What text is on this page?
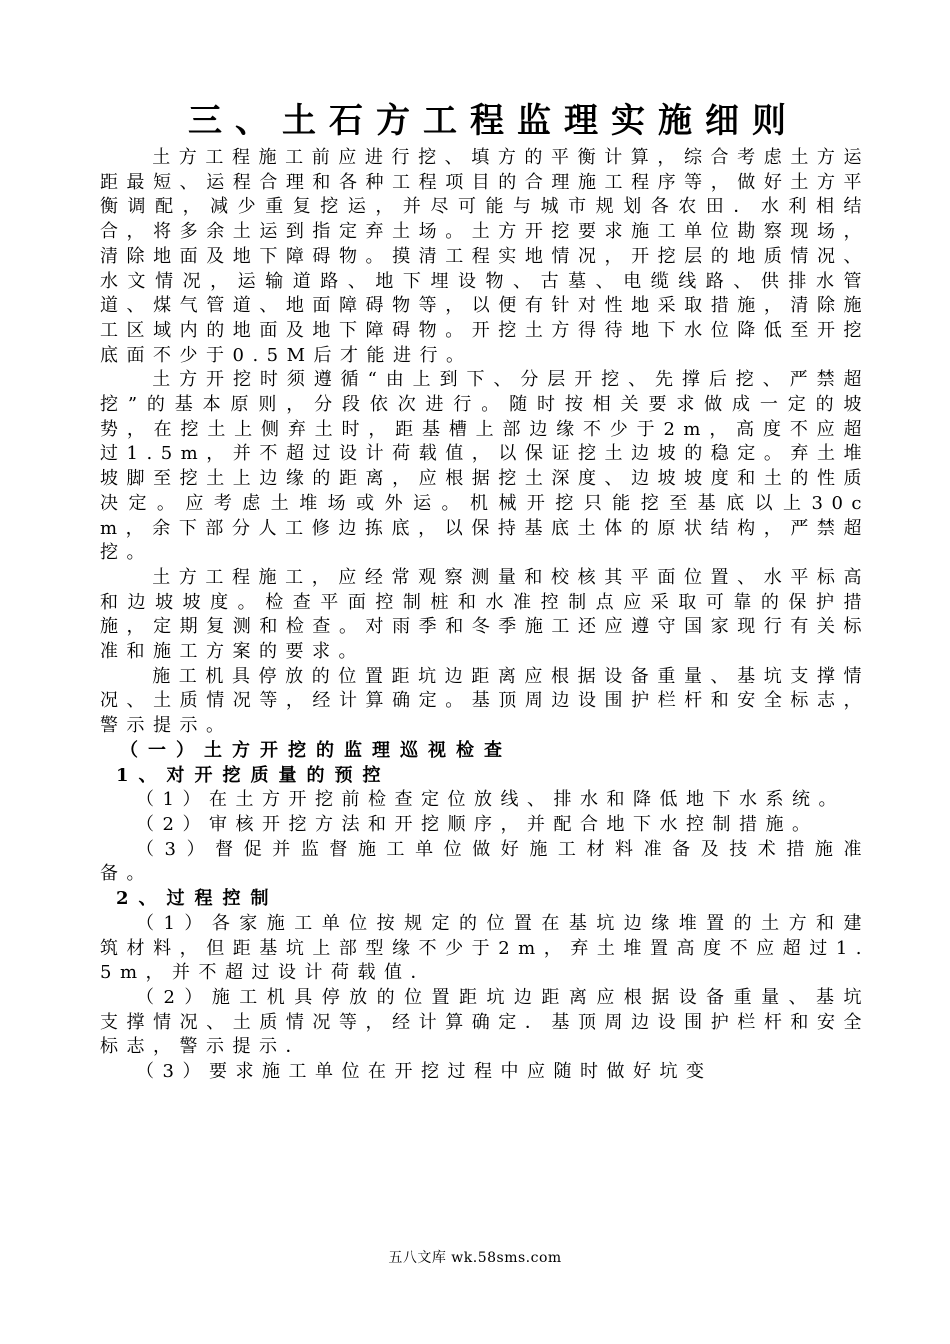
三、土石方工程监理实施细则

土方工程施工前应进行挖、填方的平衡计算，综合考虑土方运距最短、运程合理和各种工程项目的合理施工程序等，做好土方平衡调配，减少重复挖运，并尽可能与城市规划各农田．水利相结合，将多余土运到指定弃土场。土方开挖要求施工单位勘察现场，清除地面及地下障碍物。摸清工程实地情况，开挖层的地质情况、水文情况，运输道路、地下埋设物、古墓、电缆线路、供排水管道、煤气管道、地面障碍物等，以便有针对性地采取措施，清除施工区域内的地面及地下障碍物。开挖土方得待地下水位降低至开挖底面不少于0.5M后才能进行。

土方开挖时须遵循“由上到下、分层开挖、先撑后挖、严禁超挖”的基本原则，分段依次进行。随时按相关要求做成一定的坡势，在挖土上侧弃土时，距基槽上部边缘不少于2m，高度不应超过1.5m，并不超过设计荷载值，以保证挖土边坡的稳定。弃土堆坡脚至挖土上边缘的距离，应根据挖土深度、边坡坡度和土的性质决定。应考虑土堆场或外运。机械开挖只能挖至基底以上30cm，余下部分人工修边拣底，以保持基底土体的原状结构，严禁超挖。

土方工程施工，应经常观察测量和校核其平面位置、水平标高和边坡坡度。检查平面控制桩和水准控制点应采取可靠的保护措施，定期复测和检查。对雨季和冬季施工还应遵守国家现行有关标准和施工方案的要求。

施工机具停放的位置距坑边距离应根据设备重量、基坑支撑情况、土质情况等，经计算确定。基顶周边设围护栏杆和安全标志，警示提示。

（一）土方开挖的监理巡视检查

1、对开挖质量的预控

（1）在土方开挖前检查定位放线、排水和降低地下水系统。

（2）审核开挖方法和开挖顺序，并配合地下水控制措施。

（3）督促并监督施工单位做好施工材料准备及技术措施准备。

2、过程控制

（1）各家施工单位按规定的位置在基坑边缘堆置的土方和建筑材料，但距基坑上部型缘不少于2m，弃土堆置高度不应超过1.5m，并不超过设计荷载值．

（2）施工机具停放的位置距坑边距离应根据设备重量、基坑支撑情况、土质情况等，经计算确定．基顶周边设围护栏杆和安全标志，警示提示．

（3）要求施工单位在开挖过程中应随时做好坑变

五八文库 wk.58sms.com
